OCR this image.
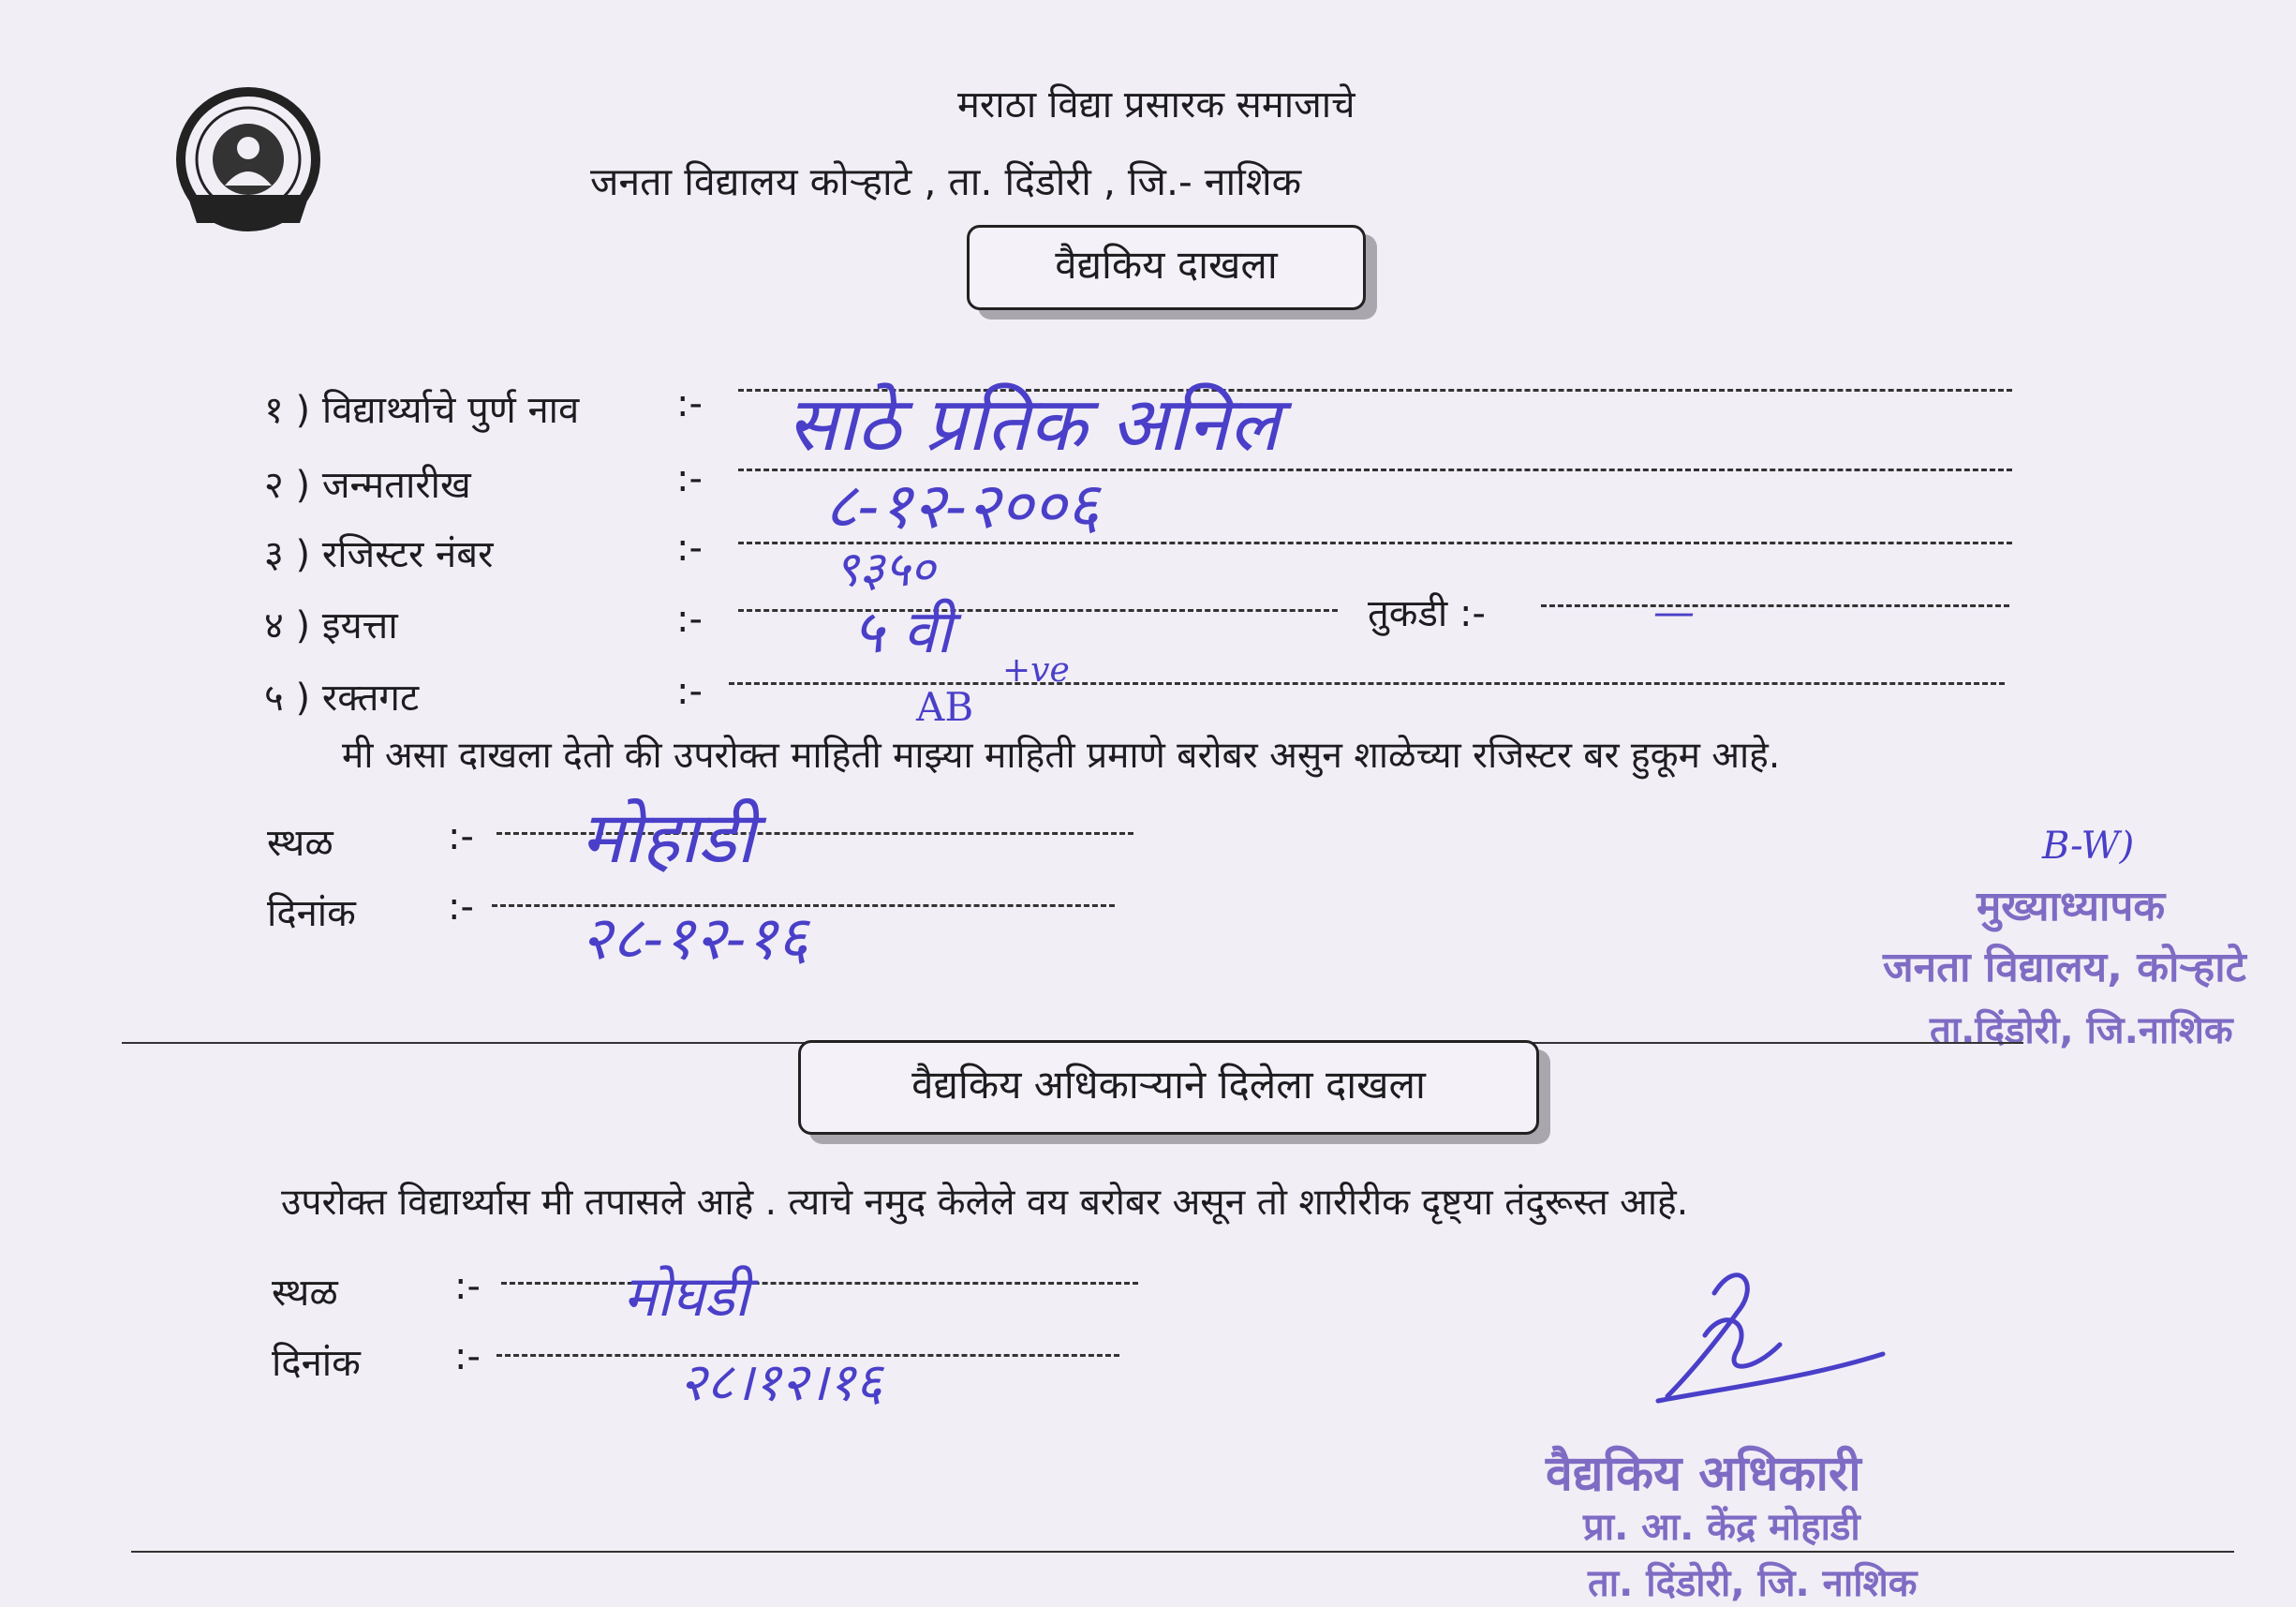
मराठा विद्या प्रसारक समाजाचे
जनता विद्यालय कोऱ्हाटे , ता. दिंडोरी , जि.- नाशिक
वैद्यकिय दाखला
१ ) विद्यार्थ्याचे पुर्ण नाव	:- साठे प्रतिक अनिल
२ ) जन्मतारीख	:- ८-१२-२००६
३ ) रजिस्टर नंबर	:-	९३५०
४ ) इयत्ता	:-	५ वी	तुकडी :-	—
५ ) रक्तगट	:-	AB
+ve
मी असा दाखला देतो की उपरोक्त माहिती माझ्या माहिती प्रमाणे बरोबर असुन शाळेच्या रजिस्टर बर हुकूम आहे.
स्थळ	:- मोहाडी
दिनांक :- २८-१२-१६
B-W)
मुख्याध्यापक
जनता विद्यालय, कोऱ्हाटे
ता.दिंडोरी, जि.नाशिक
वैद्यकिय अधिकाऱ्याने दिलेला दाखला
उपरोक्त विद्यार्थ्यास मी तपासले आहे . त्याचे नमुद केलेले वय बरोबर असून तो शारीरीक दृष्ट्या तंदुरूस्त आहे.
स्थळ	:-	मोघडी
दिनांक	:-	२८।१२।१६
वैद्यकिय अधिकारी
प्रा. आ. केंद्र मोहाडी
ता. दिंडोरी, जि. नाशिक
